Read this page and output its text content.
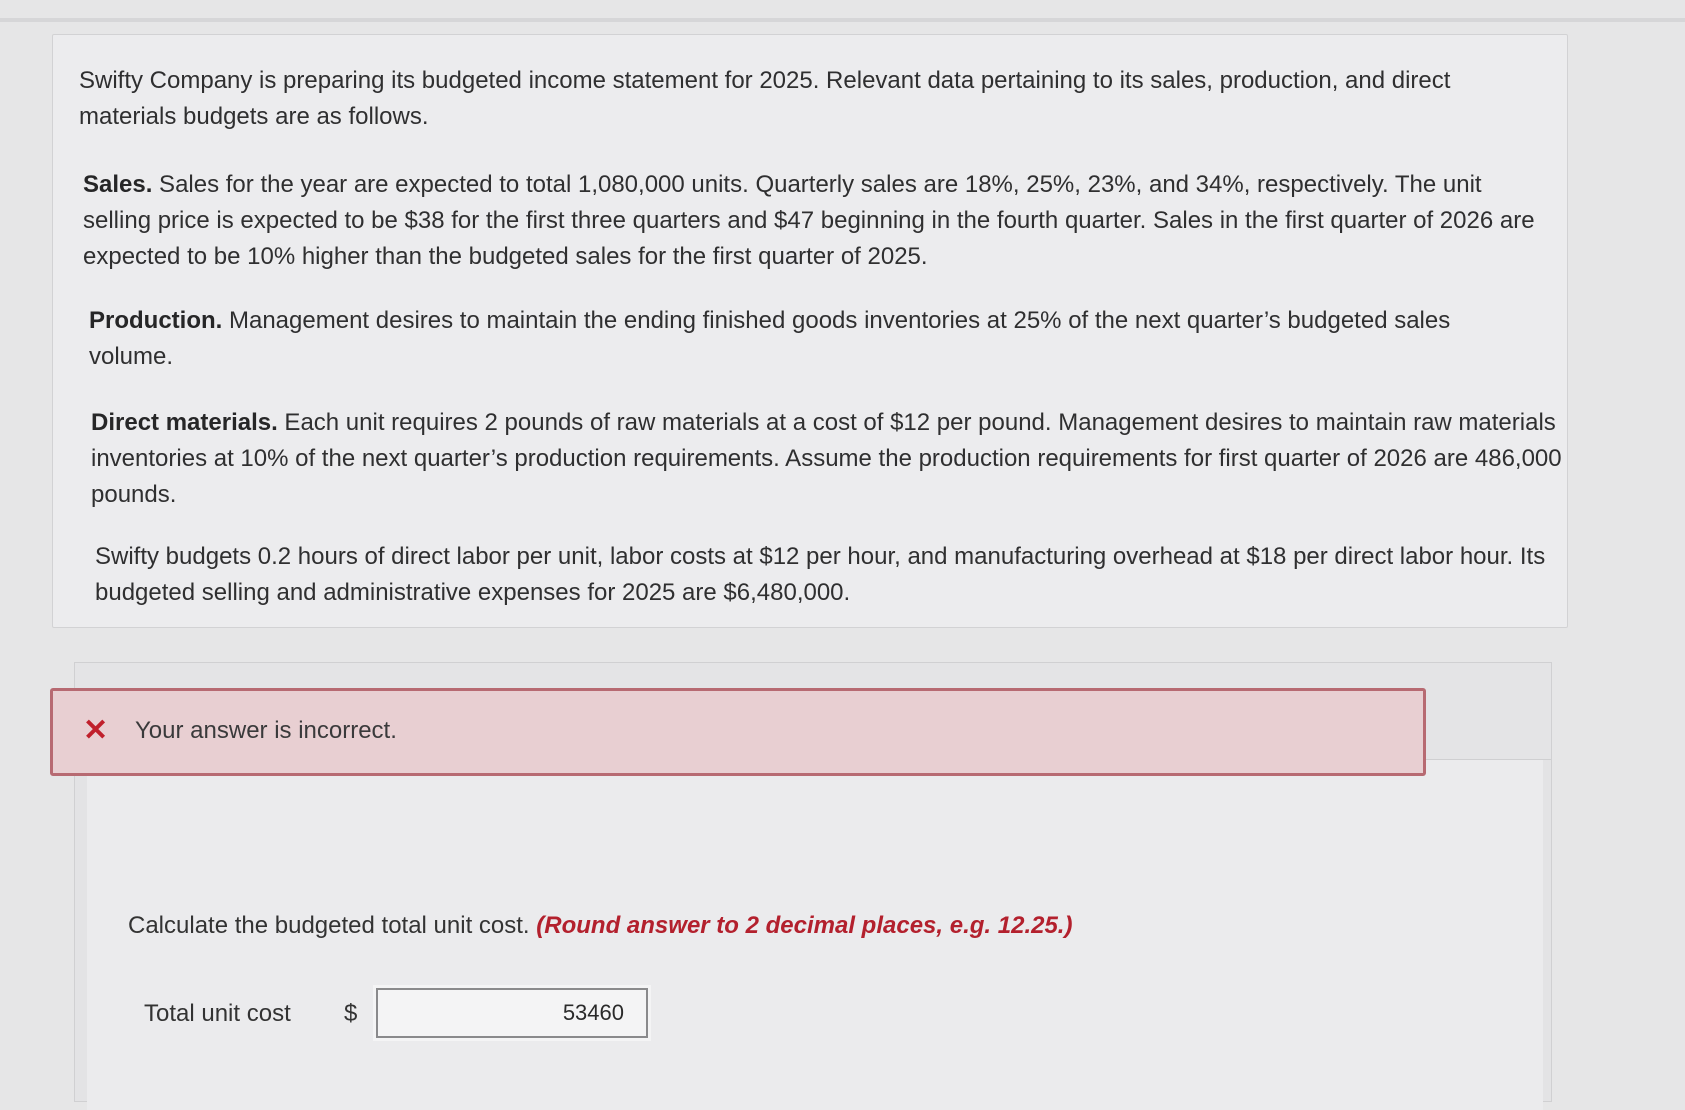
Swifty Company is preparing its budgeted income statement for 2025. Relevant data pertaining to its sales, production, and direct materials budgets are as follows.

Sales. Sales for the year are expected to total 1,080,000 units. Quarterly sales are 18%, 25%, 23%, and 34%, respectively. The unit selling price is expected to be $38 for the first three quarters and $47 beginning in the fourth quarter. Sales in the first quarter of 2026 are expected to be 10% higher than the budgeted sales for the first quarter of 2025.

Production. Management desires to maintain the ending finished goods inventories at 25% of the next quarter’s budgeted sales volume.

Direct materials. Each unit requires 2 pounds of raw materials at a cost of $12 per pound. Management desires to maintain raw materials inventories at 10% of the next quarter’s production requirements. Assume the production requirements for first quarter of 2026 are 486,000 pounds.

Swifty budgets 0.2 hours of direct labor per unit, labor costs at $12 per hour, and manufacturing overhead at $18 per direct labor hour. Its budgeted selling and administrative expenses for 2025 are $6,480,000.

✕ Your answer is incorrect.
Calculate the budgeted total unit cost. (Round answer to 2 decimal places, e.g. 12.25.)
Total unit cost $
53460
